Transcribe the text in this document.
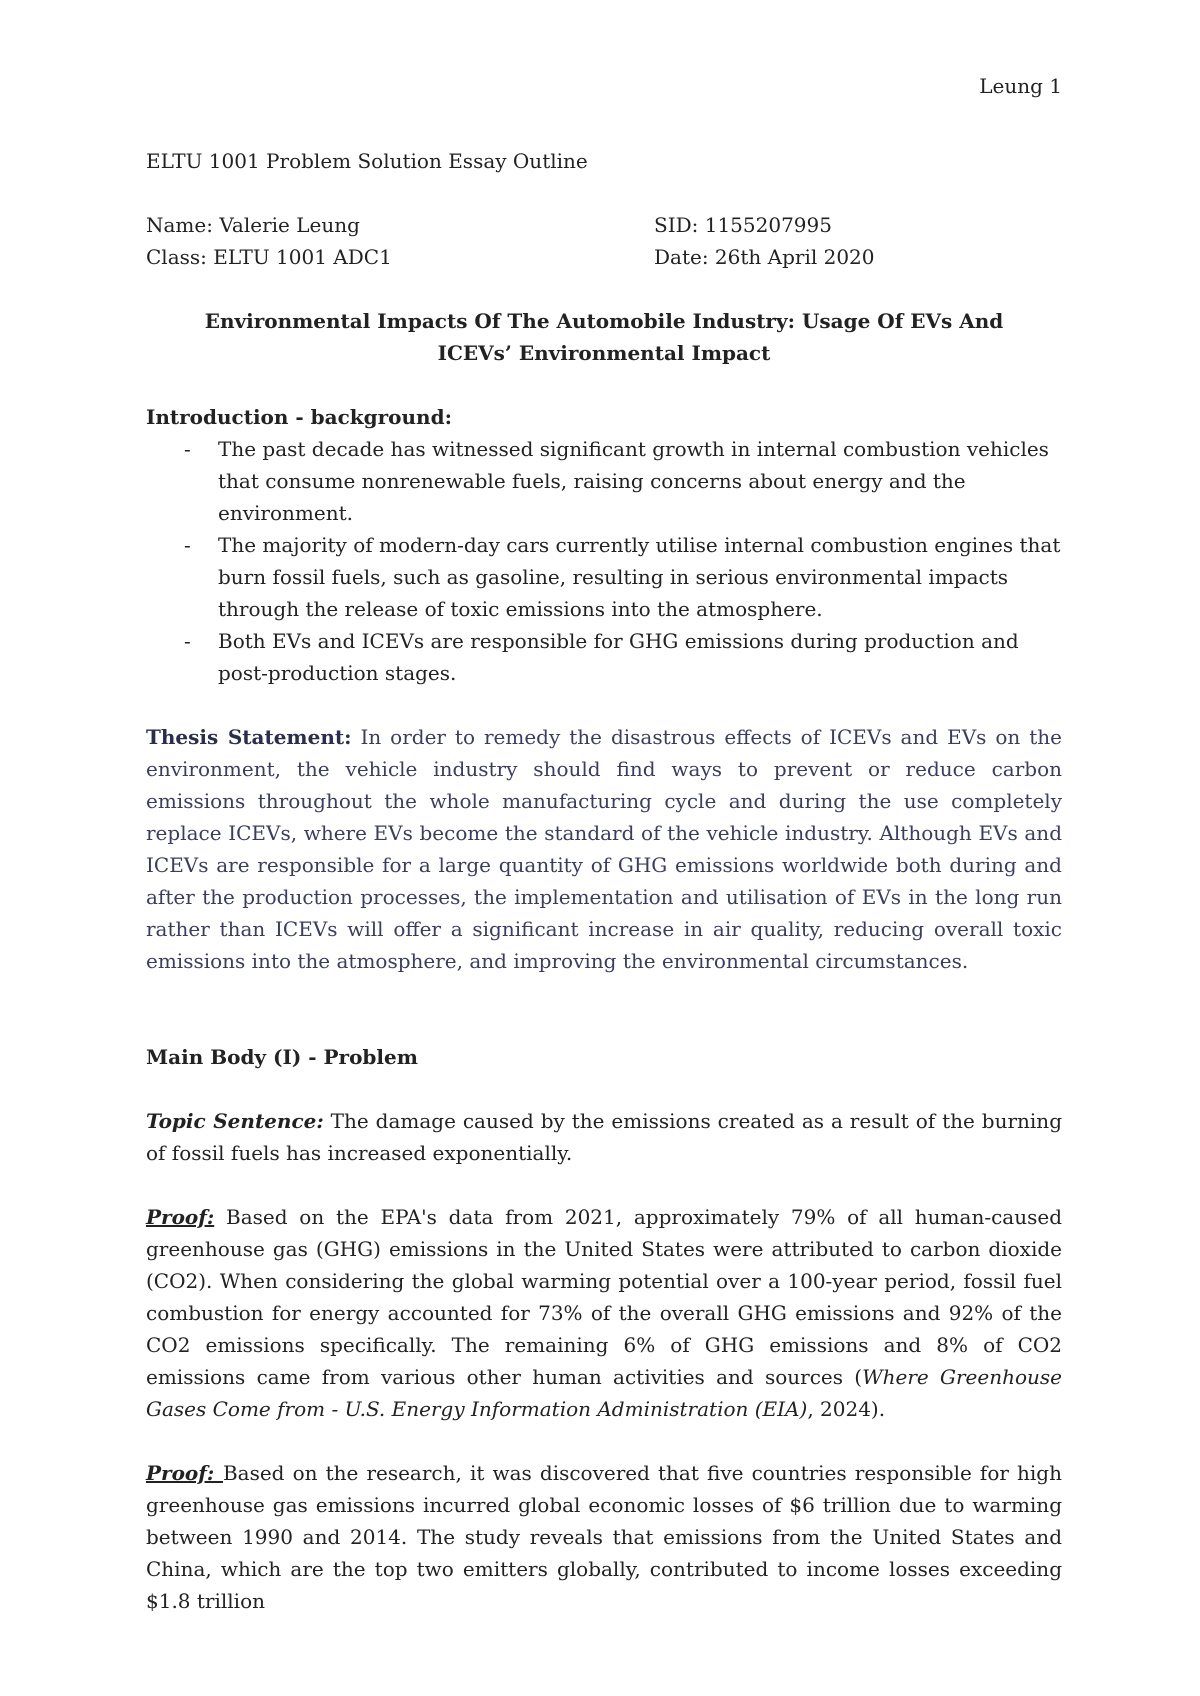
Leung 1

ELTU 1001 Problem Solution Essay Outline

Name: Valerie Leung	SID: 1155207995
Class: ELTU 1001 ADC1	Date: 26th April 2020

Environmental Impacts Of The Automobile Industry: Usage Of EVs And ICEVs’ Environmental Impact

Introduction - background:

- The past decade has witnessed significant growth in internal combustion vehicles that consume nonrenewable fuels, raising concerns about energy and the environment.
- The majority of modern-day cars currently utilise internal combustion engines that burn fossil fuels, such as gasoline, resulting in serious environmental impacts through the release of toxic emissions into the atmosphere.
- Both EVs and ICEVs are responsible for GHG emissions during production and post-production stages.

Thesis Statement: In order to remedy the disastrous effects of ICEVs and EVs on the environment, the vehicle industry should find ways to prevent or reduce carbon emissions throughout the whole manufacturing cycle and during the use completely replace ICEVs, where EVs become the standard of the vehicle industry. Although EVs and ICEVs are responsible for a large quantity of GHG emissions worldwide both during and after the production processes, the implementation and utilisation of EVs in the long run rather than ICEVs will offer a significant increase in air quality, reducing overall toxic emissions into the atmosphere, and improving the environmental circumstances.

Main Body (I) - Problem

Topic Sentence: The damage caused by the emissions created as a result of the burning of fossil fuels has increased exponentially.

Proof: Based on the EPA's data from 2021, approximately 79% of all human-caused greenhouse gas (GHG) emissions in the United States were attributed to carbon dioxide (CO2). When considering the global warming potential over a 100-year period, fossil fuel combustion for energy accounted for 73% of the overall GHG emissions and 92% of the CO2 emissions specifically. The remaining 6% of GHG emissions and 8% of CO2 emissions came from various other human activities and sources (Where Greenhouse Gases Come from - U.S. Energy Information Administration (EIA), 2024).

Proof: Based on the research, it was discovered that five countries responsible for high greenhouse gas emissions incurred global economic losses of $6 trillion due to warming between 1990 and 2014. The study reveals that emissions from the United States and China, which are the top two emitters globally, contributed to income losses exceeding $1.8 trillion
